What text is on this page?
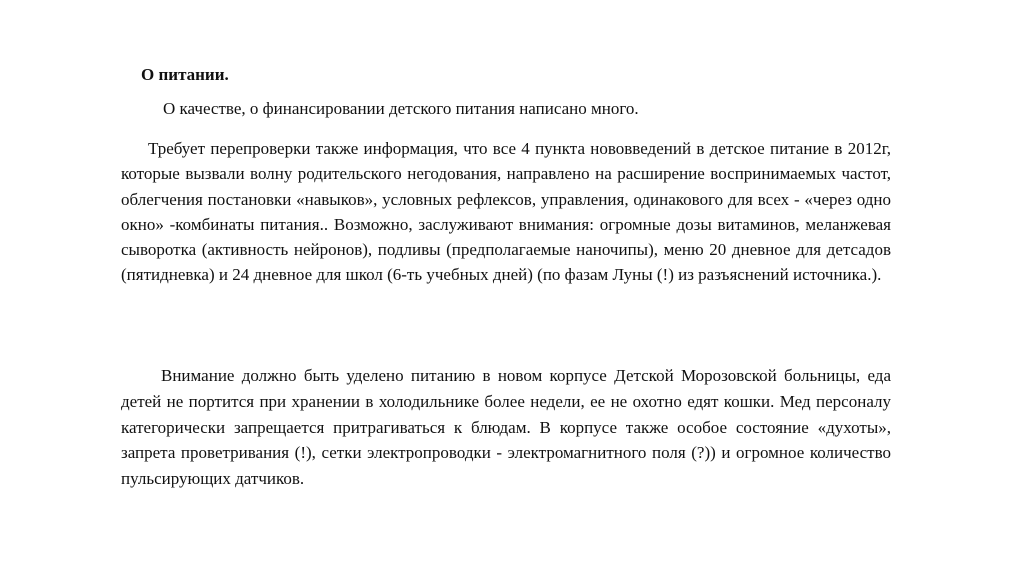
О питании.
О качестве, о финансировании детского питания написано много.

Требует перепроверки также информация, что все 4 пункта нововведений в детское питание в 2012г, которые вызвали волну родительского негодования, направлено на расширение воспринимаемых частот, облегчения постановки «навыков», условных рефлексов, управления, одинакового для всех - «через одно окно» -комбинаты питания.. Возможно, заслуживают внимания: огромные дозы витаминов, меланжевая сыворотка (активность нейронов), подливы (предполагаемые наночипы), меню 20 дневное для детсадов (пятидневка) и 24 дневное для школ (6-ть учебных дней) (по фазам Луны (!) из разъяснений источника.).

Внимание должно быть уделено питанию в новом корпусе Детской Морозовской больницы, еда детей не портится при хранении в холодильнике более недели, ее не охотно едят кошки. Мед персоналу категорически запрещается притрагиваться к блюдам. В корпусе также особое состояние «духоты», запрета проветривания (!), сетки электропроводки - электромагнитного поля (?)) и огромное количество пульсирующих датчиков.
